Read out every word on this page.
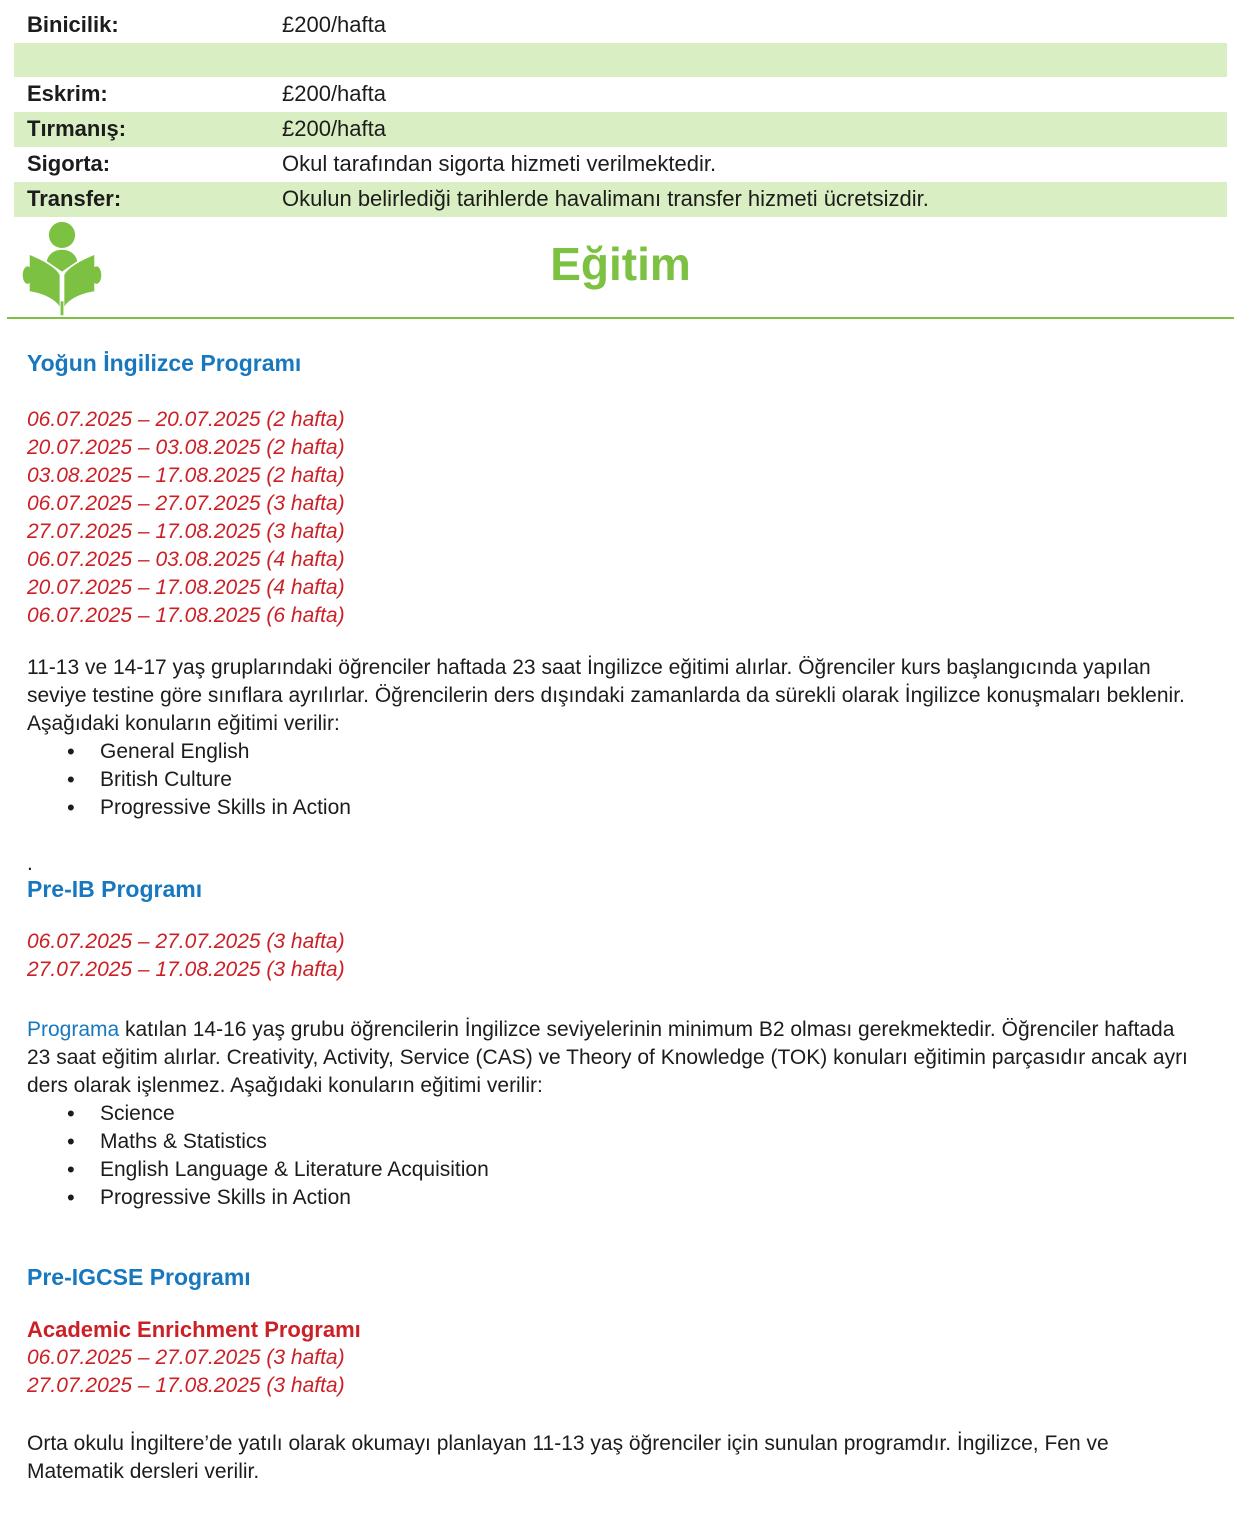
Binicilik:	£200/hafta

Eskrim:	£200/hafta
Tırmanış:	£200/hafta
Sigorta:	Okul tarafından sigorta hizmeti verilmektedir.
Transfer:	Okulun belirlediği tarihlerde havalimanı transfer hizmeti ücretsizdir.
Eğitim
Yoğun İngilizce Programı
06.07.2025 – 20.07.2025 (2 hafta)
20.07.2025 – 03.08.2025 (2 hafta)
03.08.2025 – 17.08.2025 (2 hafta)
06.07.2025 – 27.07.2025 (3 hafta)
27.07.2025 – 17.08.2025 (3 hafta)
06.07.2025 – 03.08.2025 (4 hafta)
20.07.2025 – 17.08.2025 (4 hafta)
06.07.2025 – 17.08.2025 (6 hafta)
11-13 ve 14-17 yaş gruplarındaki öğrenciler haftada 23 saat İngilizce eğitimi alırlar. Öğrenciler kurs başlangıcında yapılan seviye testine göre sınıflara ayrılırlar. Öğrencilerin ders dışındaki zamanlarda da sürekli olarak İngilizce konuşmaları beklenir. Aşağıdaki konuların eğitimi verilir:
• General English
• British Culture
• Progressive Skills in Action
.
Pre-IB Programı
06.07.2025 – 27.07.2025 (3 hafta)
27.07.2025 – 17.08.2025 (3 hafta)
Programa katılan 14-16 yaş grubu öğrencilerin İngilizce seviyelerinin minimum B2 olması gerekmektedir. Öğrenciler haftada 23 saat eğitim alırlar. Creativity, Activity, Service (CAS) ve Theory of Knowledge (TOK) konuları eğitimin parçasıdır ancak ayrı ders olarak işlenmez. Aşağıdaki konuların eğitimi verilir:
• Science
• Maths & Statistics
• English Language & Literature Acquisition
• Progressive Skills in Action
Pre-IGCSE Programı
Academic Enrichment Programı
06.07.2025 – 27.07.2025 (3 hafta)
27.07.2025 – 17.08.2025 (3 hafta)
Orta okulu İngiltere’de yatılı olarak okumayı planlayan 11-13 yaş öğrenciler için sunulan programdır. İngilizce, Fen ve Matematik dersleri verilir.
